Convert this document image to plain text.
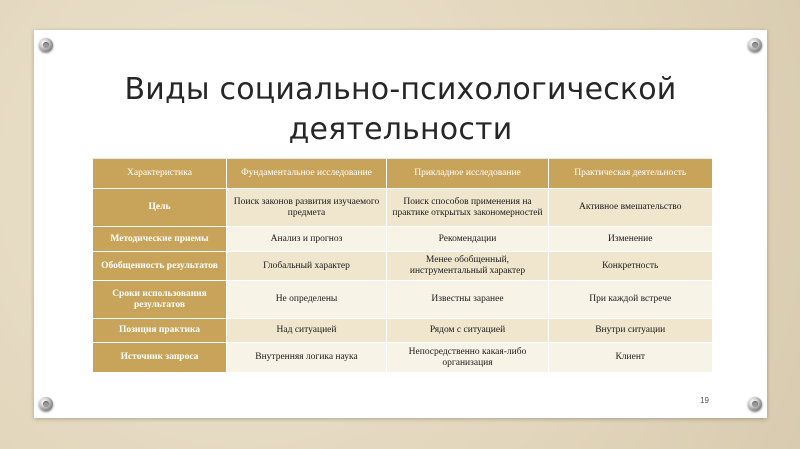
Виды социально-психологической
деятельности
Характеристика	Фундаментальное исследование	Прикладное исследование	Практическая деятельность
Цель	Поиск законов развития изучаемого предмета	Поиск способов применения на практике открытых закономерностей	Активное вмешательство
Методические приемы	Анализ и прогноз	Рекомендации	Изменение
Обобщенность результатов	Глобальный характер	Менее обобщенный, инструментальный характер	Конкретность
Сроки использования результатов	Не определены	Известны заранее	При каждой встрече
Позиция практика	Над ситуацией	Рядом с ситуацией	Внутри ситуации
Источник запроса	Внутренняя логика наука	Непосредственно какая-либо организация	Клиент
19
